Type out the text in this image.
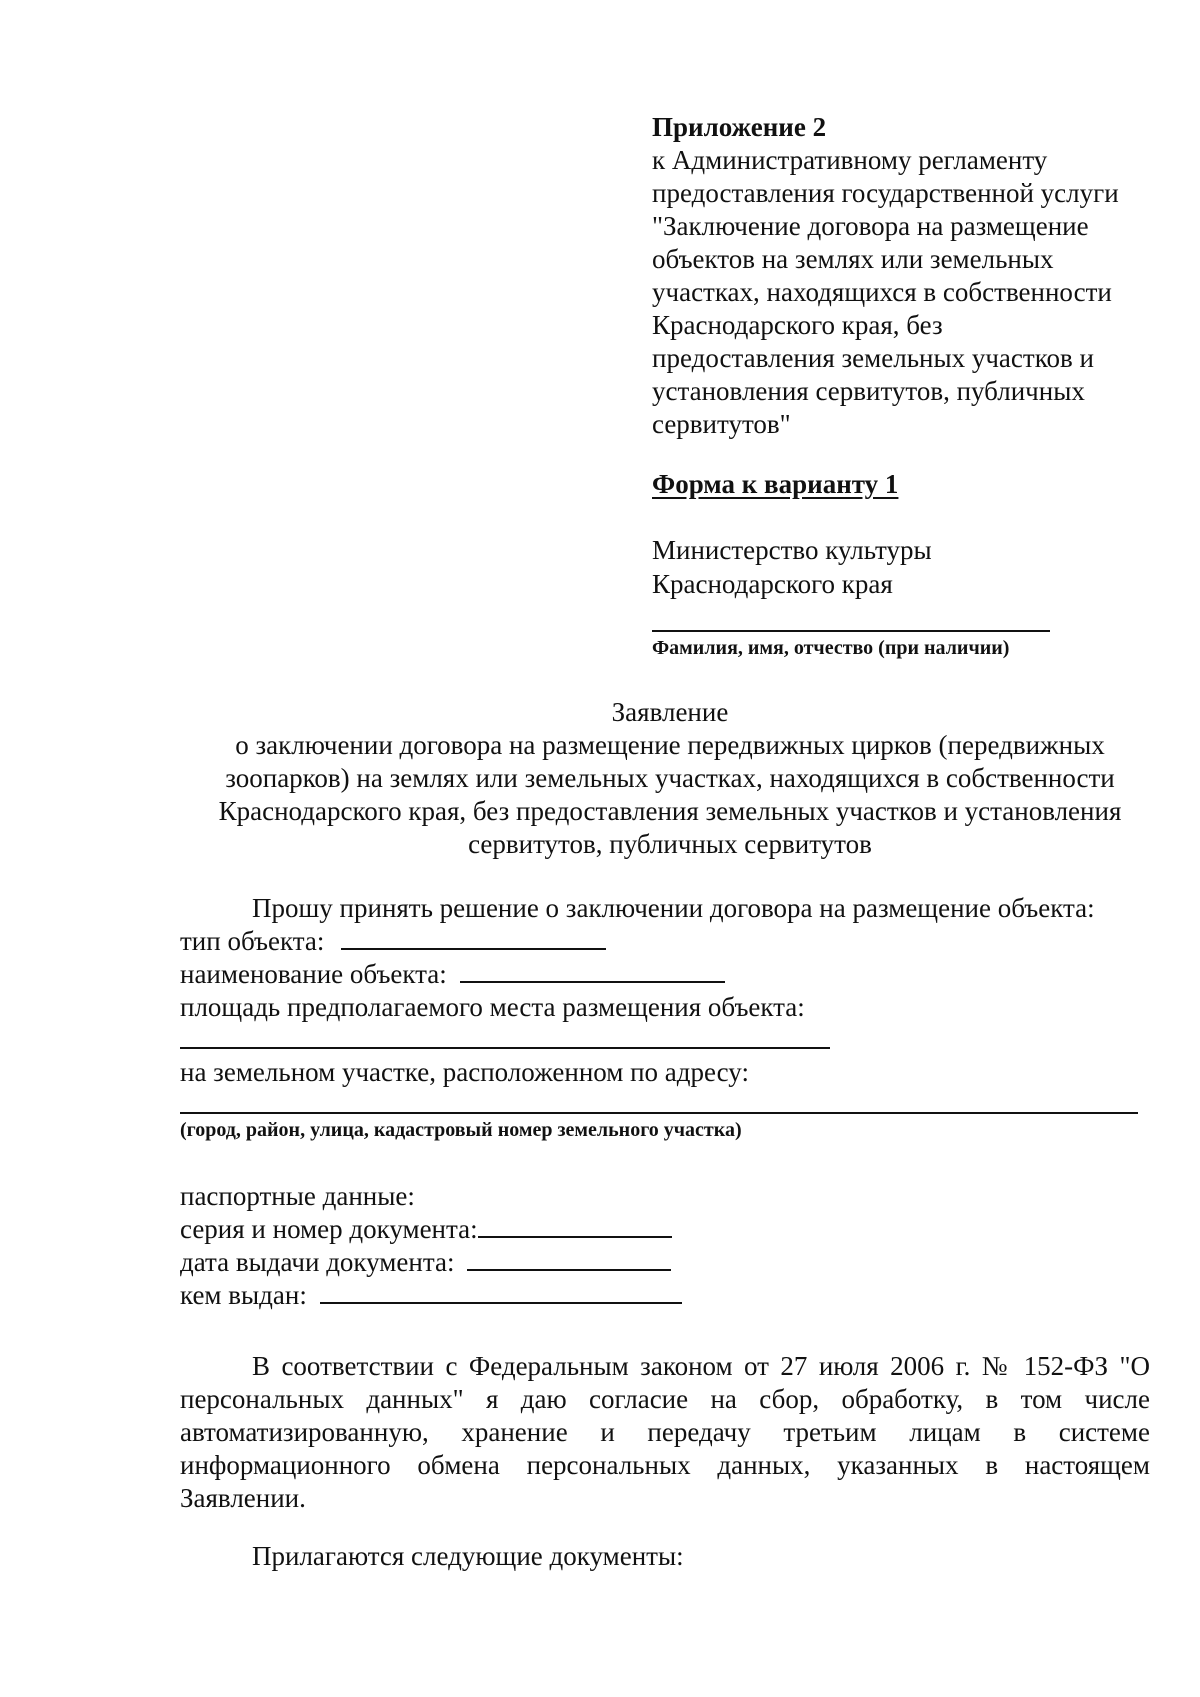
Приложение 2
к Административному регламенту
предоставления государственной услуги
"Заключение договора на размещение
объектов на землях или земельных
участках, находящихся в собственности
Краснодарского края, без
предоставления земельных участков и
установления сервитутов, публичных
сервитутов"
Форма к варианту 1
Министерство культуры
Краснодарского края
Фамилия, имя, отчество (при наличии)
Заявление
о заключении договора на размещение передвижных цирков (передвижных
зоопарков) на землях или земельных участках, находящихся в собственности
Краснодарского края, без предоставления земельных участков и установления
сервитутов, публичных сервитутов
Прошу принять решение о заключении договора на размещение объекта:
тип объекта:
наименование объекта:
площадь предполагаемого места размещения объекта:
на земельном участке, расположенном по адресу:
(город, район, улица, кадастровый номер земельного участка)
паспортные данные:
серия и номер документа:
дата выдачи документа:
кем выдан:
В соответствии с Федеральным законом от 27 июля 2006 г. № 152-ФЗ "О
персональных данных" я даю согласие на сбор, обработку, в том числе
автоматизированную, хранение и передачу третьим лицам в системе
информационного обмена персональных данных, указанных в настоящем
Заявлении.
Прилагаются следующие документы:
